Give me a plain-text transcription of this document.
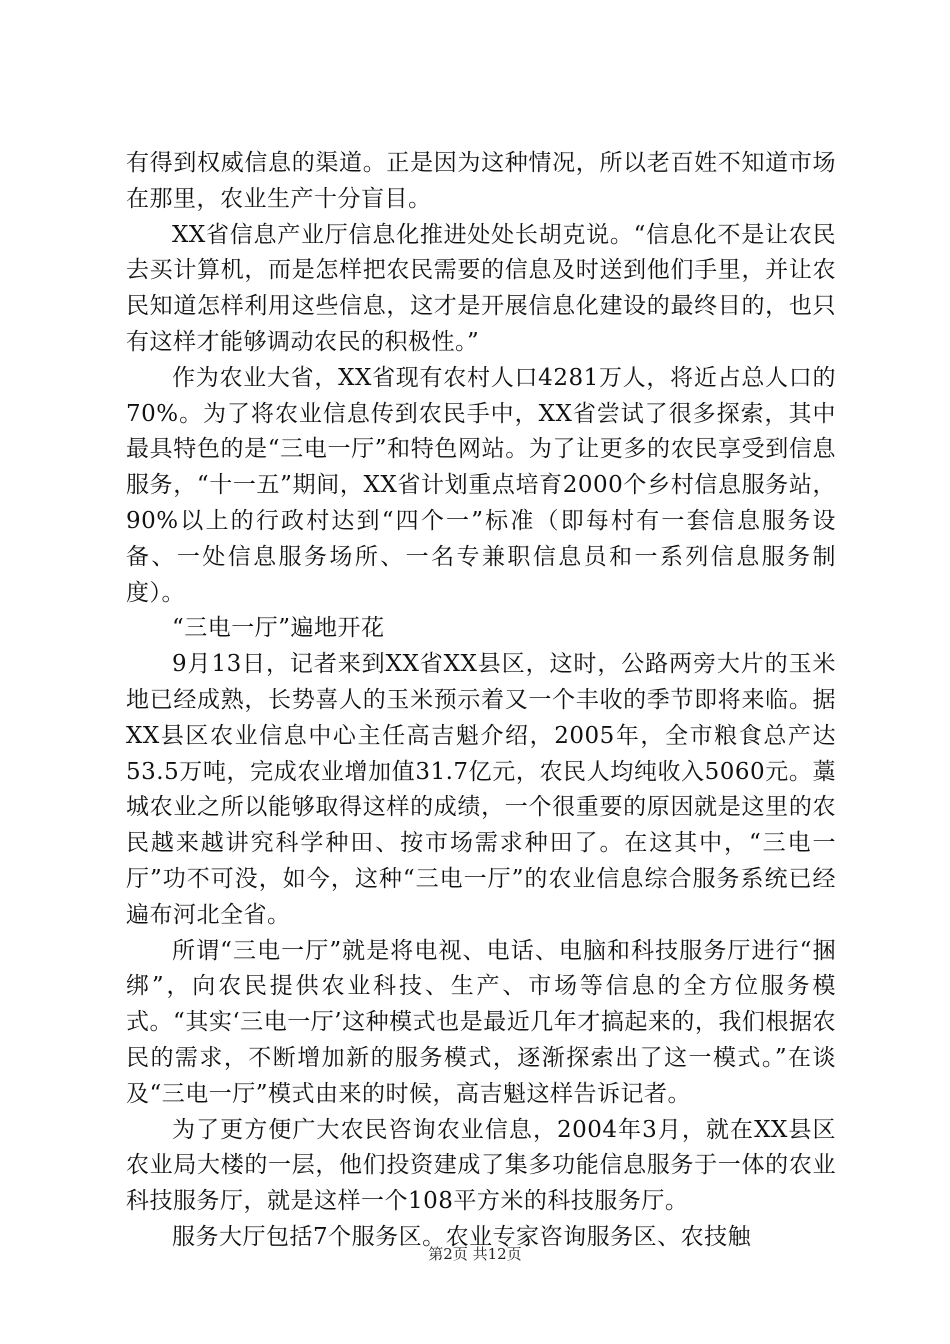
有得到权威信息的渠道。正是因为这种情况，所以老百姓不知道市场在那里，农业生产十分盲目。

XX省信息产业厅信息化推进处处长胡克说。“信息化不是让农民去买计算机，而是怎样把农民需要的信息及时送到他们手里，并让农民知道怎样利用这些信息，这才是开展信息化建设的最终目的，也只有这样才能够调动农民的积极性。”

作为农业大省，XX省现有农村人口4281万人，将近占总人口的70%。为了将农业信息传到农民手中，XX省尝试了很多探索，其中最具特色的是“三电一厅”和特色网站。为了让更多的农民享受到信息服务，“十一五”期间，XX省计划重点培育2000个乡村信息服务站，90%以上的行政村达到“四个一”标准（即每村有一套信息服务设备、一处信息服务场所、一名专兼职信息员和一系列信息服务制度）。

“三电一厅”遍地开花

9月13日，记者来到XX省XX县区，这时，公路两旁大片的玉米地已经成熟，长势喜人的玉米预示着又一个丰收的季节即将来临。据XX县区农业信息中心主任高吉魁介绍，2005年，全市粮食总产达53.5万吨，完成农业增加值31.7亿元，农民人均纯收入5060元。藁城农业之所以能够取得这样的成绩，一个很重要的原因就是这里的农民越来越讲究科学种田、按市场需求种田了。在这其中，“三电一厅”功不可没，如今，这种“三电一厅”的农业信息综合服务系统已经遍布河北全省。

所谓“三电一厅”就是将电视、电话、电脑和科技服务厅进行“捆绑”，向农民提供农业科技、生产、市场等信息的全方位服务模式。“其实‘三电一厅’这种模式也是最近几年才搞起来的，我们根据农民的需求，不断增加新的服务模式，逐渐探索出了这一模式。”在谈及“三电一厅”模式由来的时候，高吉魁这样告诉记者。

为了更方便广大农民咨询农业信息，2004年3月，就在XX县区农业局大楼的一层，他们投资建成了集多功能信息服务于一体的农业科技服务厅，就是这样一个108平方米的科技服务厅。

服务大厅包括7个服务区。农业专家咨询服务区、农技触

第2页 共12页
